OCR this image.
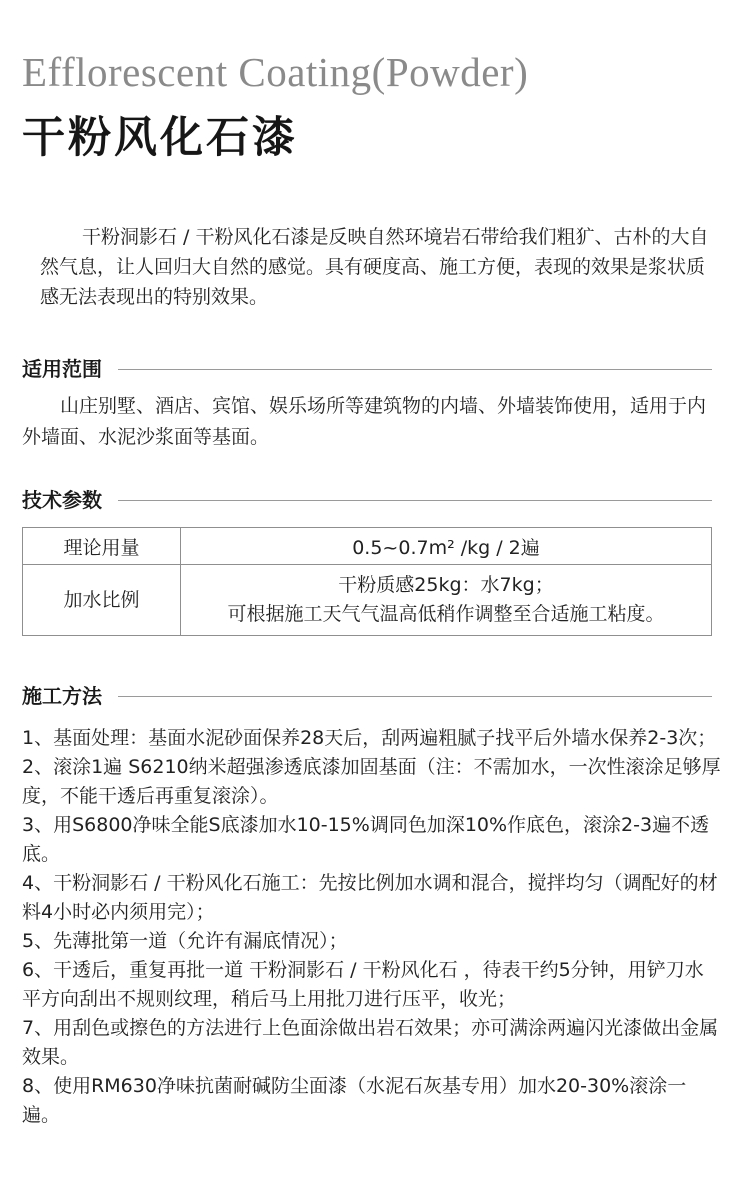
Efflorescent Coating(Powder)
干粉风化石漆

干粉洞影石 / 干粉风化石漆是反映自然环境岩石带给我们粗犷、古朴的大自然气息，让人回归大自然的感觉。具有硬度高、施工方便，表现的效果是浆状质感无法表现出的特别效果。

适用范围

山庄别墅、酒店、宾馆、娱乐场所等建筑物的内墙、外墙装饰使用，适用于内外墙面、水泥沙浆面等基面。

技术参数
理论用量	0.5~0.7m² /kg / 2遍
加水比例	干粉质感25kg：水7kg；
可根据施工天气气温高低稍作调整至合适施工粘度。
施工方法
1、基面处理：基面水泥砂面保养28天后，刮两遍粗腻子找平后外墙水保养2-3次；
2、滚涂1遍 S6210纳米超强渗透底漆加固基面（注：不需加水，一次性滚涂足够厚度，不能干透后再重复滚涂）。
3、用S6800净味全能S底漆加水10-15%调同色加深10%作底色，滚涂2-3遍不透底。
4、干粉洞影石 / 干粉风化石施工：先按比例加水调和混合，搅拌均匀（调配好的材料4小时必内须用完）；
5、先薄批第一道（允许有漏底情况）；
6、干透后，重复再批一道 干粉洞影石 / 干粉风化石 ，待表干约5分钟，用铲刀水平方向刮出不规则纹理，稍后马上用批刀进行压平，收光；
7、用刮色或擦色的方法进行上色面涂做出岩石效果；亦可满涂两遍闪光漆做出金属效果。
8、使用RM630净味抗菌耐碱防尘面漆（水泥石灰基专用）加水20-30%滚涂一遍。
